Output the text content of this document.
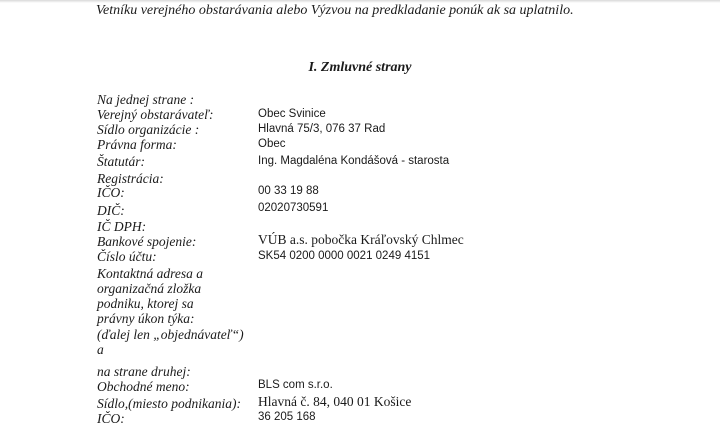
Vetníku verejného obstarávania alebo Výzvou na predkladanie ponúk ak sa uplatnilo.
I. Zmluvné strany
Na jednej strane :
Verejný obstarávateľ:	Obec Svinice
Sídlo organizácie :	Hlavná 75/3, 076 37 Rad
Právna forma:	Obec
Štatutár:	Ing. Magdaléna Kondášová - starosta
Registrácia:
IČO:	00 33 19 88
DIČ:	02020730591
IČ DPH:
Bankové spojenie:	VÚB a.s. pobočka Kráľovský Chlmec
Číslo účtu:	SK54 0200 0000 0021 0249 4151
Kontaktná adresa a
organizačná zložka
podniku, ktorej sa
právny úkon týka:
(ďalej len „objednávateľ“)
a
na strane druhej:
Obchodné meno:	BLS com s.r.o.
Sídlo,(miesto podnikania): Hlavná č. 84, 040 01 Košice
IČO:	36 205 168
